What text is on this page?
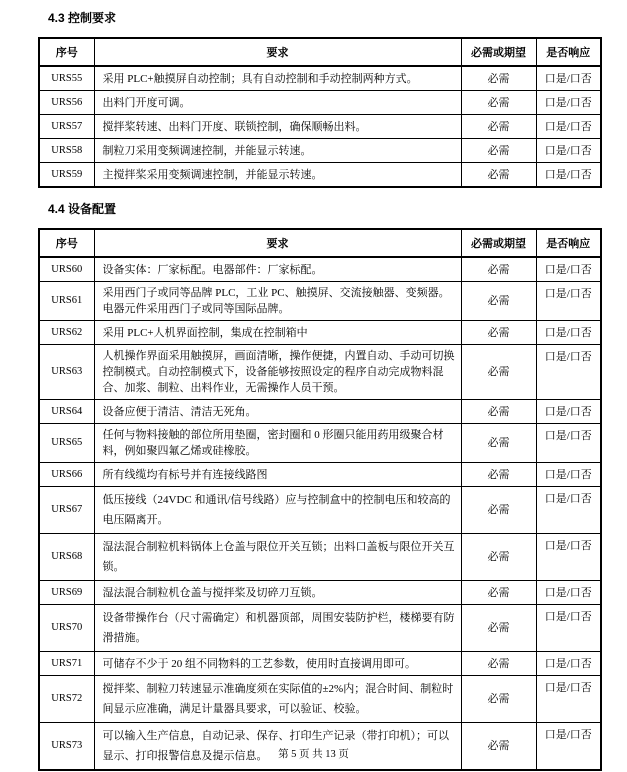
4.3 控制要求
序号	要求	必需或期望	是否响应
URS55	采用 PLC+触摸屏自动控制；具有自动控制和手动控制两种方式。	必需	口是/口否
URS56	出料门开度可调。	必需	口是/口否
URS57	搅拌桨转速、出料门开度、联锁控制，确保顺畅出料。	必需	口是/口否
URS58	制粒刀采用变频调速控制，并能显示转速。	必需	口是/口否
URS59	主搅拌桨采用变频调速控制，并能显示转速。	必需	口是/口否
4.4 设备配置
序号	要求	必需或期望	是否响应
URS60	设备实体：厂家标配。电器部件：厂家标配。	必需	口是/口否
URS61	采用西门子或同等品牌 PLC，工业 PC、触摸屏、交流接触器、变频器。电器元件采用西门子或同等国际品牌。	必需	口是/口否
URS62	采用 PLC+人机界面控制，集成在控制箱中	必需	口是/口否
URS63	人机操作界面采用触摸屏，画面清晰，操作便捷，内置自动、手动可切换控制模式。自动控制模式下，设备能够按照设定的程序自动完成物料混合、加浆、制粒、出料作业，无需操作人员干预。	必需	口是/口否
URS64	设备应便于清洁、清洁无死角。	必需	口是/口否
URS65	任何与物料接触的部位所用垫圈，密封圈和 0 形圈只能用药用级聚合材料，例如聚四氟乙烯或硅橡胶。	必需	口是/口否
URS66	所有线缆均有标号并有连接线路图	必需	口是/口否
URS67	低压接线（24VDC 和通讯/信号线路）应与控制盒中的控制电压和较高的电压隔离开。	必需	口是/口否
URS68	湿法混合制粒机料锅体上仓盖与限位开关互锁；出料口盖板与限位开关互锁。	必需	口是/口否
URS69	湿法混合制粒机仓盖与搅拌桨及切碎刀互锁。	必需	口是/口否
URS70	设备带操作台（尺寸需确定）和机器顶部，周围安装防护栏，楼梯要有防滑措施。	必需	口是/口否
URS71	可储存不少于 20 组不同物料的工艺参数，使用时直接调用即可。	必需	口是/口否
URS72	搅拌桨、制粒刀转速显示准确度须在实际值的±2%内；混合时间、制粒时间显示应准确，满足计量器具要求，可以验证、校验。	必需	口是/口否
URS73	可以输入生产信息，自动记录、保存、打印生产记录（带打印机）；可以显示、打印报警信息及提示信息。	必需	口是/口否
第 5 页 共 13 页
